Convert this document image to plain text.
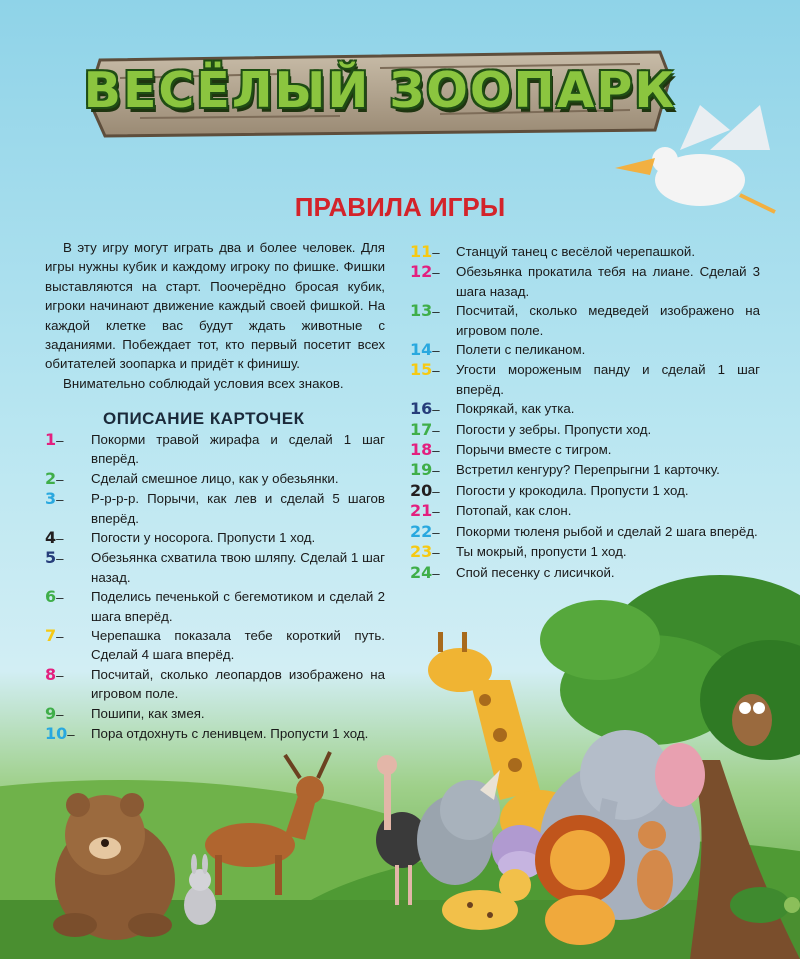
ВЕСЁЛЫЙ ЗООПАРК
ПРАВИЛА ИГРЫ

В эту игру могут играть два и более человек. Для игры нужны кубик и каждому игроку по фишке. Фишки выставляются на старт. Поочерёдно бросая кубик, игроки начинают движение каждый своей фишкой. На каждой клетке вас будут ждать животные с заданиями. Побеждает тот, кто первый посетит всех обитателей зоопарка и придёт к финишу.

Внимательно соблюдай условия всех знаков.

ОПИСАНИЕ КАРТОЧЕК
1–	Покорми травой жирафа и сделай 1 шаг вперёд.
2–	Сделай смешное лицо, как у обезьянки.
3–	Р-р-р-р. Порычи, как лев и сделай 5 шагов вперёд.
4–	Погости у носорога. Пропусти 1 ход.
5–	Обезьянка схватила твою шляпу. Сделай 1 шаг назад.
6–	Поделись печенькой с бегемотиком и сделай 2 шага вперёд.
7–	Черепашка показала тебе короткий путь. Сделай 4 шага вперёд.
8–	Посчитай, сколько леопардов изображено на игровом поле.
9–	Пошипи, как змея.
10–	Пора отдохнуть с ленивцем. Пропусти 1 ход.
11–	Станцуй танец с весёлой черепашкой.
12–	Обезьянка прокатила тебя на лиане. Сделай 3 шага назад.
13–	Посчитай, сколько медведей изображено на игровом поле.
14–	Полети с пеликаном.
15–	Угости мороженым панду и сделай 1 шаг вперёд.
16–	Покрякай, как утка.
17–	Погости у зебры. Пропусти ход.
18–	Порычи вместе с тигром.
19–	Встретил кенгуру? Перепрыгни 1 карточку.
20–	Погости у крокодила. Пропусти 1 ход.
21–	Потопай, как слон.
22–	Покорми тюленя рыбой и сделай 2 шага вперёд.
23–	Ты мокрый, пропусти 1 ход.
24–	Спой песенку с лисичкой.
